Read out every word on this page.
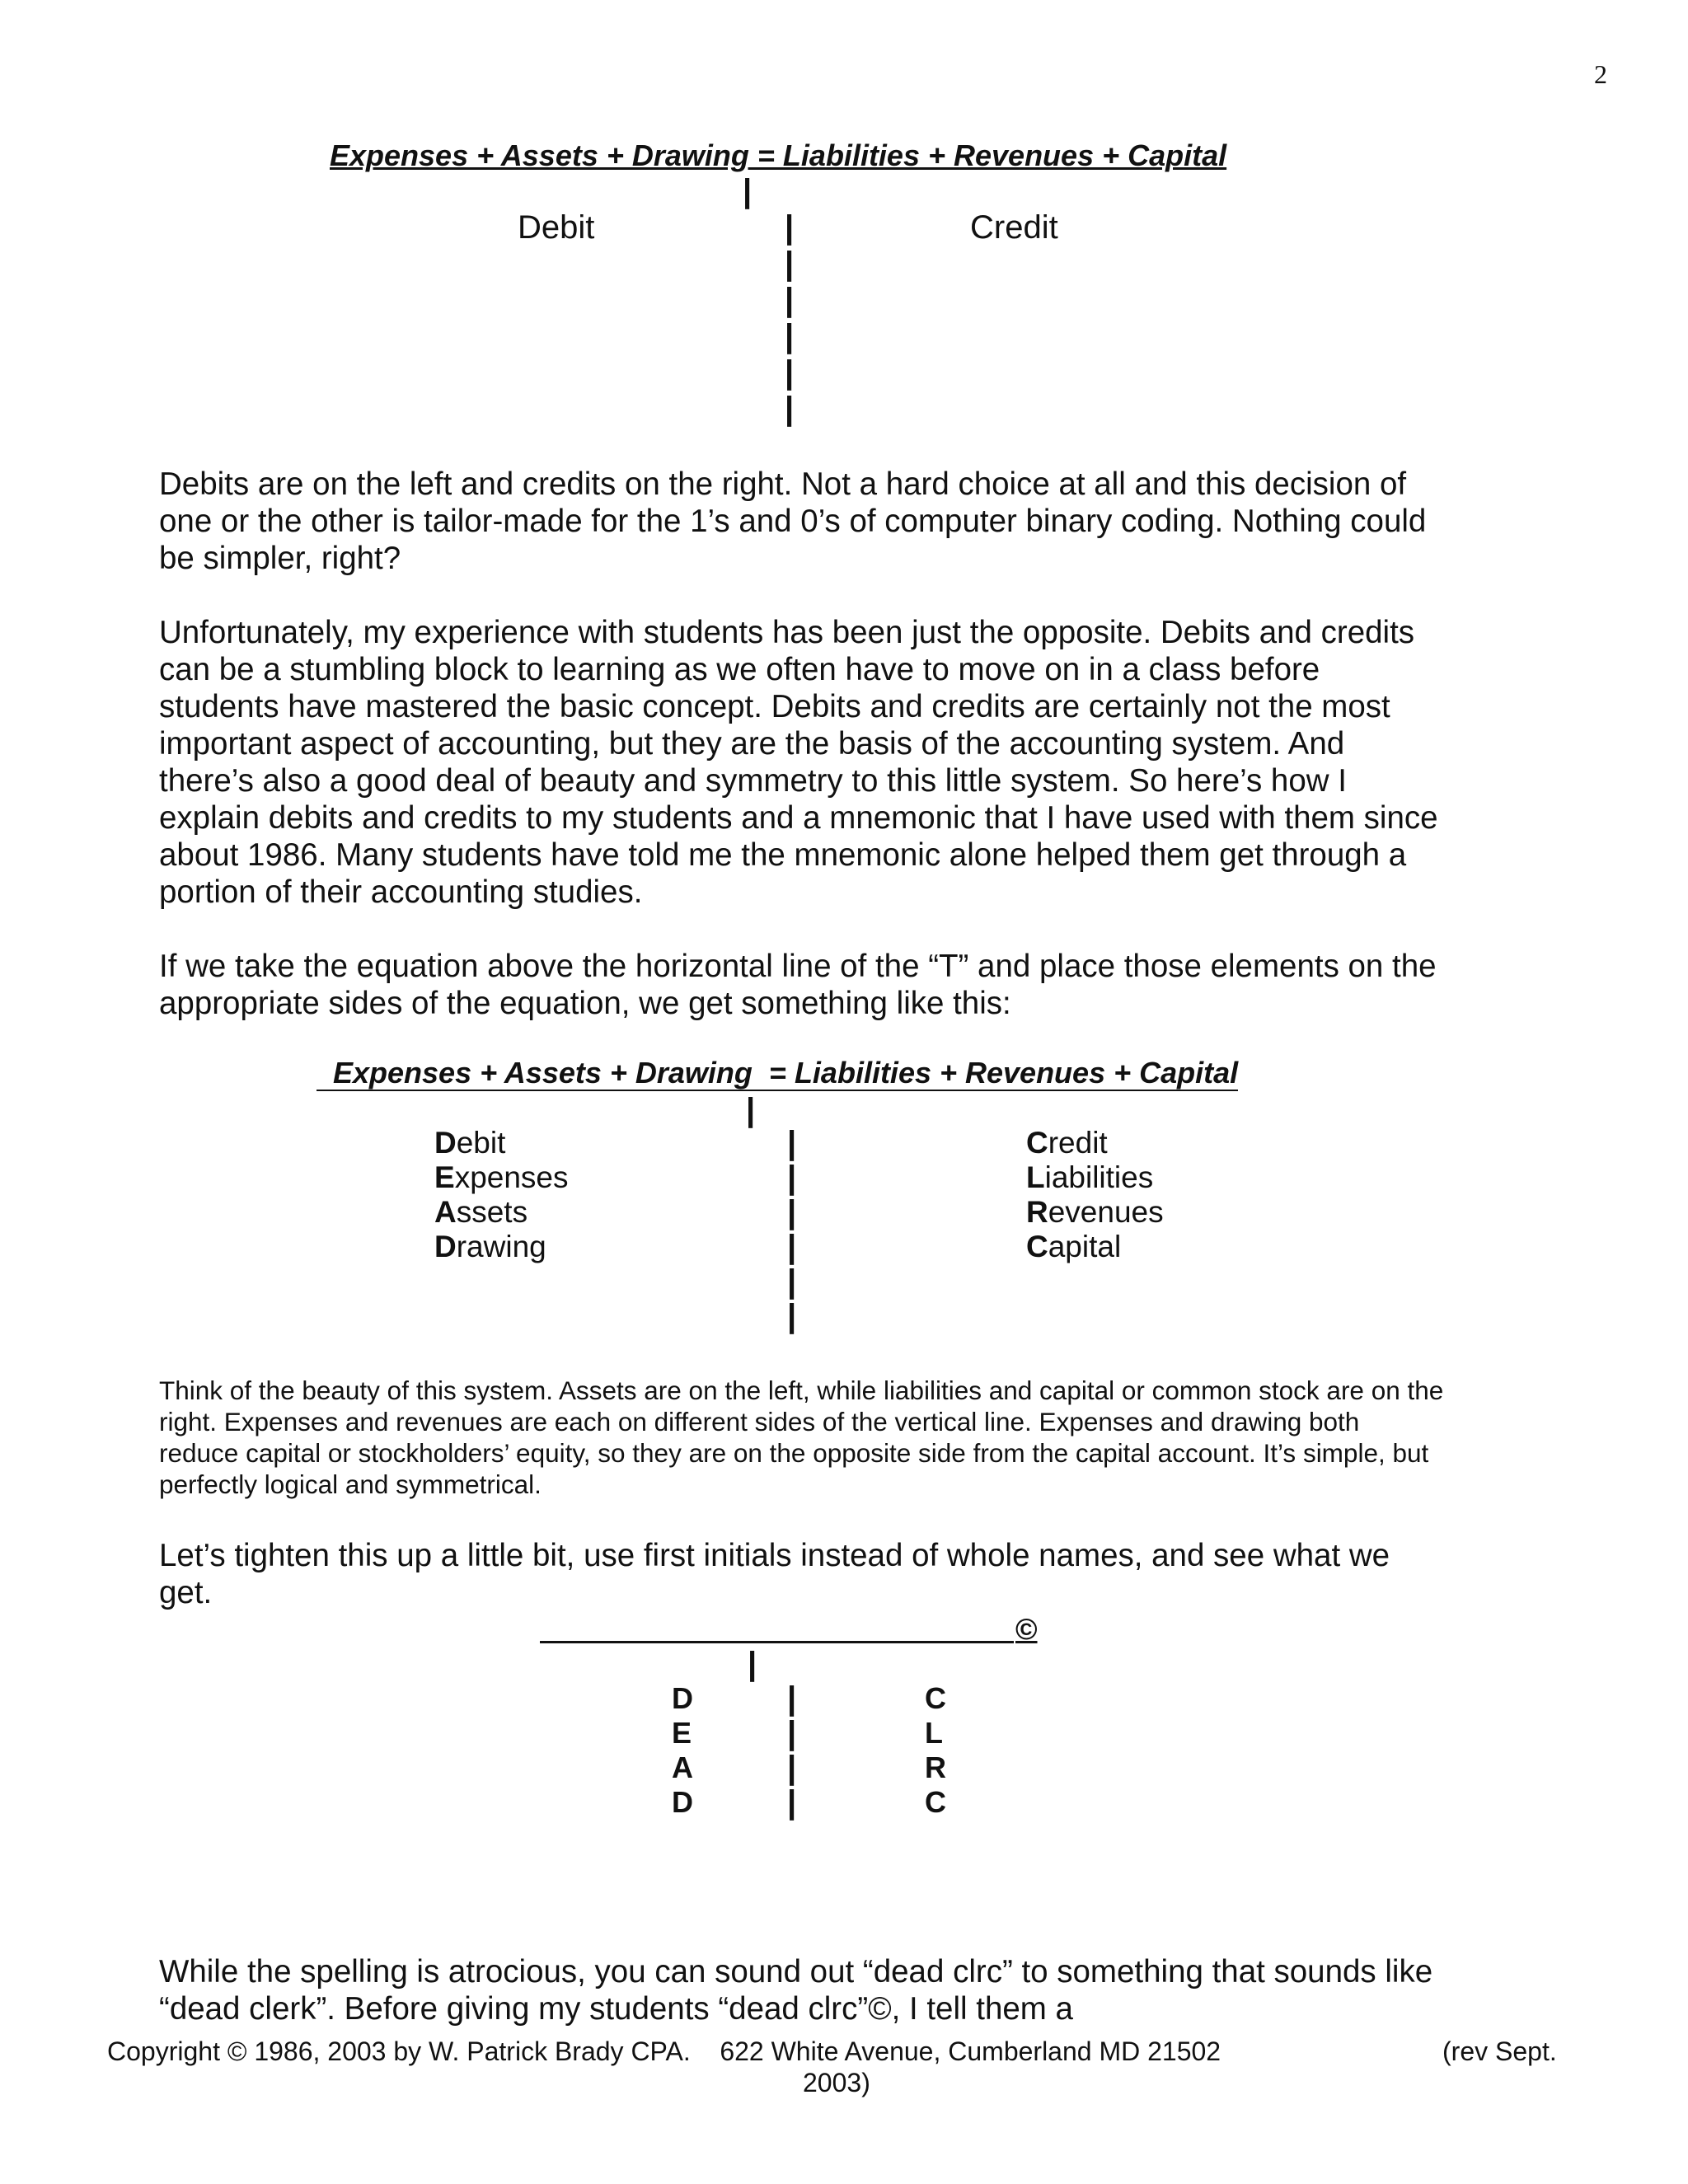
2
Expenses + Assets + Drawing = Liabilities + Revenues + Capital
|
Debit	Credit
|
|
|
|
|
|

Debits are on the left and credits on the right. Not a hard choice at all and this decision of one or the other is tailor-made for the 1’s and 0’s of computer binary coding. Nothing could be simpler, right?

Unfortunately, my experience with students has been just the opposite. Debits and credits can be a stumbling block to learning as we often have to move on in a class before students have mastered the basic concept. Debits and credits are certainly not the most important aspect of accounting, but they are the basis of the accounting system. And there’s also a good deal of beauty and symmetry to this little system. So here’s how I explain debits and credits to my students and a mnemonic that I have used with them since about 1986. Many students have told me the mnemonic alone helped them get through a portion of their accounting studies.

If we take the equation above the horizontal line of the “T” and place those elements on the appropriate sides of the equation, we get something like this:

Expenses + Assets + Drawing  = Liabilities + Revenues + Capital
|
Debit
Expenses
Assets
Drawing
|
|
|
|
|
|
Credit
Liabilities
Revenues
Capital
Think of the beauty of this system. Assets are on the left, while liabilities and capital or common stock are on the right. Expenses and revenues are each on different sides of the vertical line. Expenses and drawing both reduce capital or stockholders’ equity, so they are on the opposite side from the capital account. It’s simple, but perfectly logical and symmetrical.
Let’s tighten this up a little bit, use first initials instead of whole names, and see what we get.
©
|
D
E
A
D
|
|
|
|
C
L
R
C
While the spelling is atrocious, you can sound out “dead clrc” to something that sounds like “dead clerk”. Before giving my students “dead clrc”©, I tell them a
Copyright © 1986, 2003 by W. Patrick Brady CPA.    622 White Avenue, Cumberland MD 21502	(rev Sept.
2003)
